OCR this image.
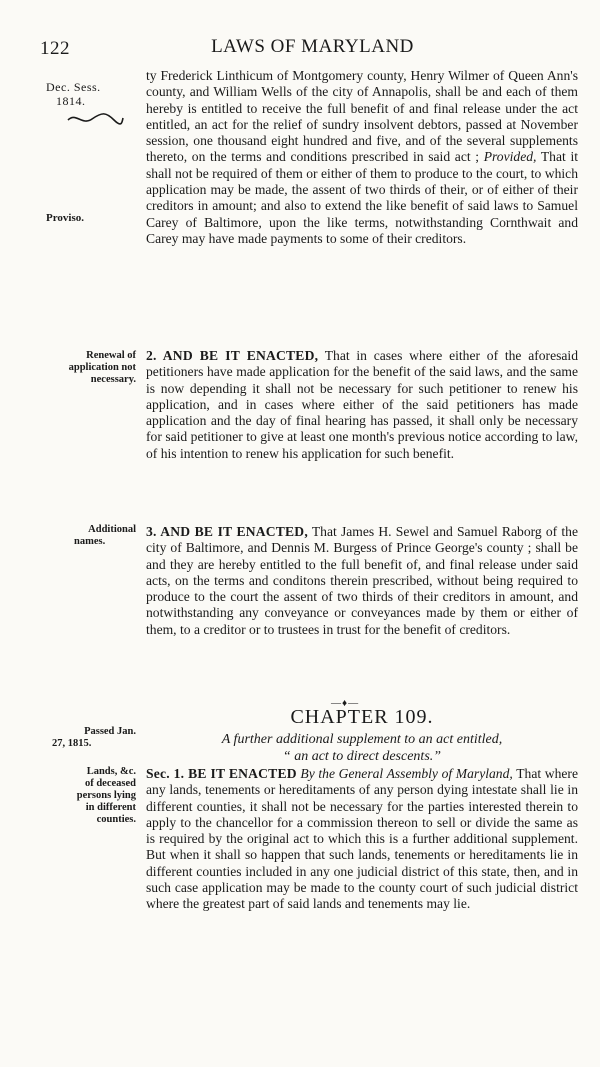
122	LAWS OF MARYLAND
Dec. Sess.
1814.
Proviso.
Renewal of
application not
necessary.
Additional
names.
Passed Jan.
27, 1815.
Lands, &c.
of deceased
persons lying
in different
counties.

ty Frederick Linthicum of Montgomery county, Henry Wilmer of Queen Ann's county, and William Wells of the city of Annapolis, shall be and each of them hereby is entitled to receive the full benefit of and final release under the act entitled, an act for the relief of sundry insolvent debtors, passed at November session, one thousand eight hundred and five, and of the several supplements thereto, on the terms and conditions prescribed in said act ; Provided, That it shall not be required of them or either of them to produce to the court, to which application may be made, the assent of two thirds of their, or of either of their creditors in amount; and also to extend the like benefit of said laws to Samuel Carey of Baltimore, upon the like terms, notwithstanding Cornthwait and Carey may have made payments to some of their creditors.

2. AND BE IT ENACTED, That in cases where either of the aforesaid petitioners have made application for the benefit of the said laws, and the same is now depending it shall not be necessary for such petitioner to renew his application, and in cases where either of the said petitioners has made application and the day of final hearing has passed, it shall only be necessary for said petitioner to give at least one month's previous notice according to law, of his intention to renew his application for such benefit.

3. AND BE IT ENACTED, That James H. Sewel and Samuel Raborg of the city of Baltimore, and Dennis M. Burgess of Prince George's county ; shall be and they are hereby entitled to the full benefit of, and final release under said acts, on the terms and conditons therein prescribed, without being required to produce to the court the assent of two thirds of their creditors in amount, and notwithstanding any conveyance or conveyances made by them or either of them, to a creditor or to trustees in trust for the benefit of creditors.

—♦—
CHAPTER 109.
A further additional supplement to an act entitled,
“ an act to direct descents.”

Sec. 1. BE IT ENACTED By the General Assembly of Maryland, That where any lands, tenements or hereditaments of any person dying intestate shall lie in different counties, it shall not be necessary for the parties interested therein to apply to the chancellor for a commission thereon to sell or divide the same as is required by the original act to which this is a further additional supplement. But when it shall so happen that such lands, tenements or hereditaments lie in different counties included in any one judicial district of this state, then, and in such case application may be made to the county court of such judicial district where the greatest part of said lands and tenements may lie.
